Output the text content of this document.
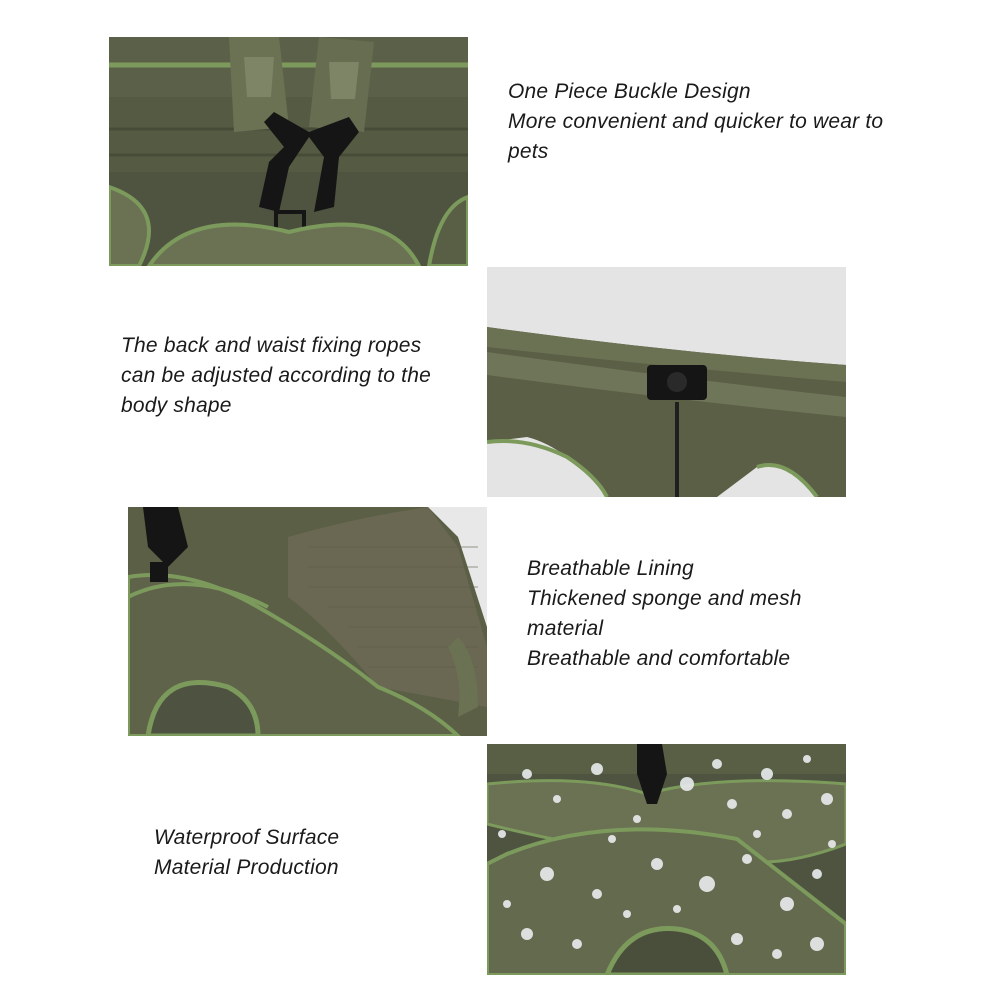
One Piece Buckle Design
More convenient and quicker to wear to
pets
The back and waist fixing ropes
can be adjusted according to the
body shape
Breathable Lining
Thickened sponge and mesh
material
Breathable and comfortable
Waterproof Surface
Material Production
